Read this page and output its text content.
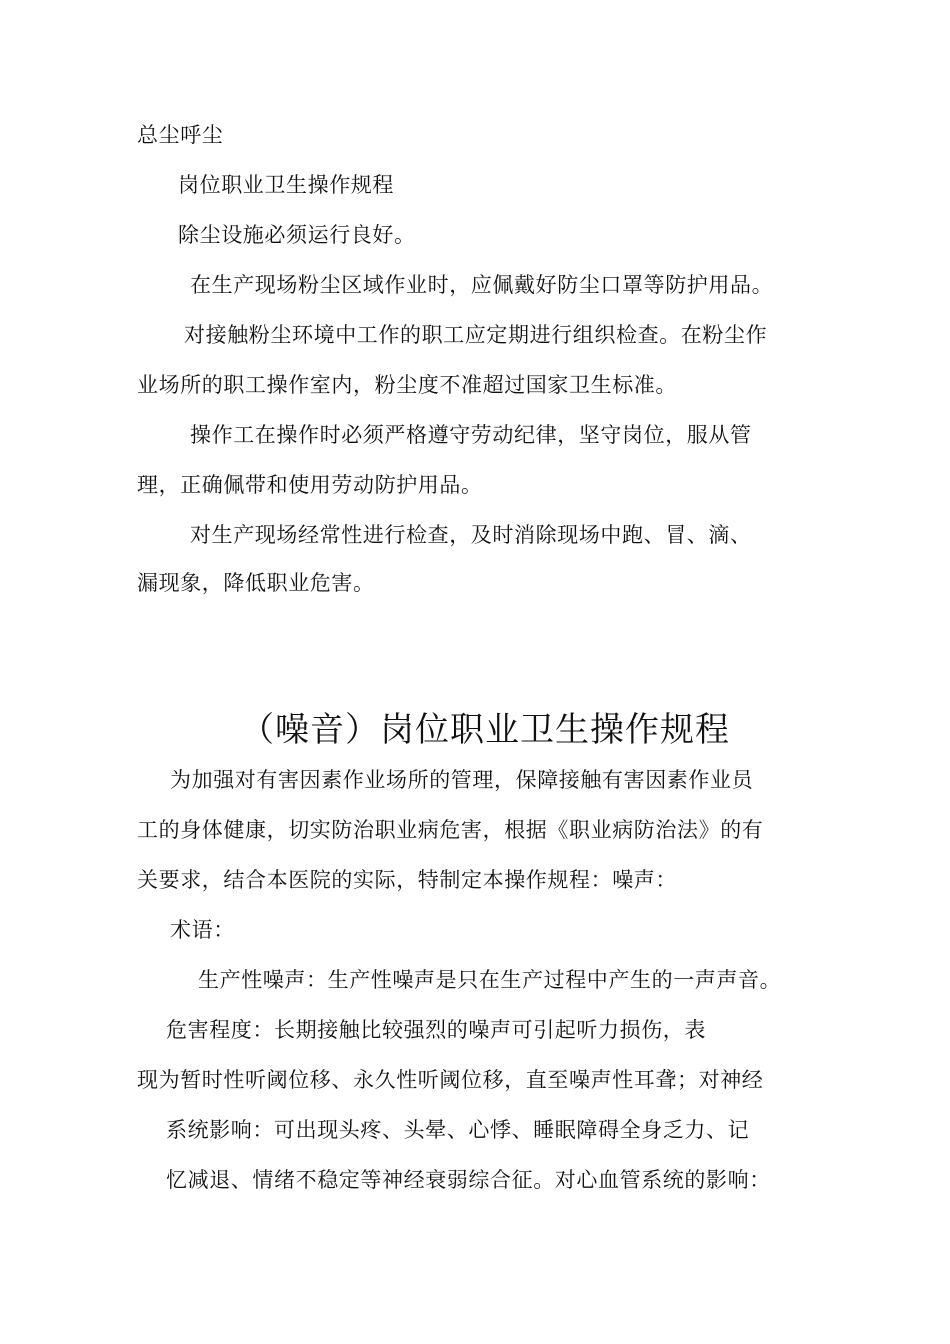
总尘呼尘
岗位职业卫生操作规程
除尘设施必须运行良好。
在生产现场粉尘区域作业时，应佩戴好防尘口罩等防护用品。
对接触粉尘环境中工作的职工应定期进行组织检查。在粉尘作
业场所的职工操作室内，粉尘度不准超过国家卫生标准。
操作工在操作时必须严格遵守劳动纪律，坚守岗位，服从管
理，正确佩带和使用劳动防护用品。
对生产现场经常性进行检查，及时消除现场中跑、冒、滴、
漏现象，降低职业危害。
（噪音）岗位职业卫生操作规程
为加强对有害因素作业场所的管理，保障接触有害因素作业员
工的身体健康，切实防治职业病危害，根据《职业病防治法》的有
关要求，结合本医院的实际，特制定本操作规程：噪声：
术语：
生产性噪声：生产性噪声是只在生产过程中产生的一声声音。
危害程度：长期接触比较强烈的噪声可引起听力损伤，表
现为暂时性听阈位移、永久性听阈位移，直至噪声性耳聋；对神经
系统影响：可出现头疼、头晕、心悸、睡眠障碍全身乏力、记
忆减退、情绪不稳定等神经衰弱综合征。对心血管系统的影响：
